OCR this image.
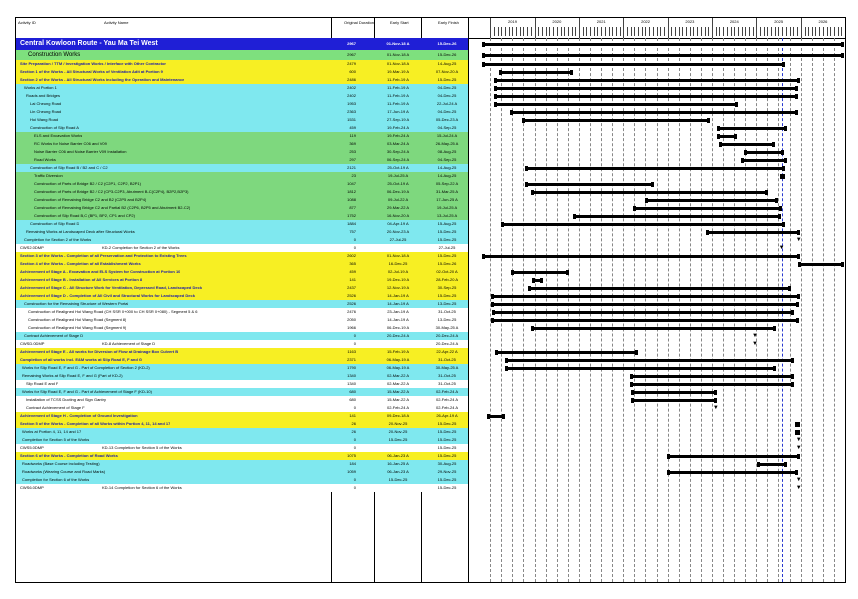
Activity ID	Activity Name	Original Duration	Early Start	Early Finish	2019	2020	2021	2022	2023	2024	2025	2026
Central Kowloon Route - Yau Ma Tei West	2967	01-Nov-18 A	15-Dec-26
Construction Works	2967	01-Nov-18 A	15-Dec-26
Site Preparation / TTM / Investigation Works / Interface with Other Contractor	2479	01-Nov-18 A	14-Aug-25
Section 1 of the Works - All Structural Works of Ventilation Adit at Portion 9	600	19-Mar-19 A	07-Nov-20 A
Section 2 of the Works - All Structural Works including the Operation and Maintenance	2486	11-Feb-19 A	15-Dec-25
Works at Portion 1	2402	11-Feb-19 A	04-Dec-25
Roads and Bridges	2402	11-Feb-19 A	04-Dec-25
Lai Cheung Road	1953	11-Feb-19 A	22-Jul-24 A
Lin Cheung Road	2363	17-Jun-19 A	04-Dec-25
Hoi Wang Road	1531	27-Sep-19 A	05-Dec-23 A
Construction of Slip Road A	459	19-Feb-24 A	04-Sep-25
ELS and Excavation Works	119	19-Feb-24 A	15-Jul-24 A
RC Works for Noise Barrier C06 and V09	369	03-Mar-24 A	26-May-25 A
Noise Barrier C06 and Noise Barrier V09 Installation	253	30-Sep-24 A	08-Aug-25
Road Works	297	06-Sep-24 A	04-Sep-25
Construction of Slip Road B / B2 and C / C2	2121	25-Oct-19 A	14-Aug-25
Traffic Diversion	23	19-Jul-25 A	14-Aug-25
Construction of Parts of Bridge B2 / C2 (C2P1, C2P2, B2P1)	1047	25-Oct-19 A	05-Sep-22 A
Construction of Parts of Bridge B2 / C2 (CP3-C2P3, Abutment B-C(C2P4), B2P2,B2P3)	1812	06-Dec-19 A	31-Mar-25 A
Construction of Remaining Bridge C2 and B2 (C2P5 and B2P4)	1088	09-Jul-22 A	17-Jun-25 A
Construction of Remaining Bridge C2 and Partial B2 (C2P6, B2P5 and Abutment B2-C2)	877	29-Mar-22 A	19-Jul-25 A
Construction of Slip Road B,C (BP1, BP2, CP1 and CP2)	1752	16-Nov-20 A	13-Jul-25 A
Construction of Slip Road D	1884	04-Apr-19 A	15-Aug-25
Remaining Works at Landscaped Deck after Structural Works	757	20-Nov-23 A	15-Dec-25
Completion for Section 2 of the Works	0	27-Jul-25	15-Dec-25
CWS2.0DMP	KD-2 Completion for Section 2 of the Works	0	27-Jul-25
Section 3 of the Works - Completion of all Preservation and Protection to Existing Trees	2602	01-Nov-18 A	15-Dec-25
Section 4 of the Works - Completion of all Establishment Works	365	16-Dec-25	15-Dec-26
Achievement of Stage A - Excavation and ELS System for Construction at Portion 10	459	02-Jul-19 A	02-Oct-20 A
Achievement of Stage B - Installation of All Services at Portion 8	141	19-Dec-19 A	28-Feb-20 A
Achievement of Stage C - All Structure Work for Ventilation, Depressed Road, Landscaped Deck	2437	12-Nov-19 A	30-Sep-25
Achievement of Stage D - Completion of All Civil and Structural Works for Landscaped Deck	2526	14-Jan-19 A	15-Dec-25
Construction for the Remaining Structure of Western Portal	2526	14-Jan-19 A	13-Dec-25
Construction of Realigned Hoi Wang Road (CH SSR 0+000 to CH SSR 0+080) - Segment 5 & 6	2476	23-Jan-19 A	31-Oct-25
Construction of Realigned Hoi Wang Road (Segment 8)	2050	14-Jan-19 A	13-Dec-25
Construction of Realigned Hoi Wang Road (Segment 9)	1966	06-Dec-19 A	30-May-25 A
Contract Achievement of Stage D	0	20-Dec-24 A	20-Dec-24 A
CWSD.0DMP	KD-8 Achievement of Stage D	0	20-Dec-24 A
Achievement of Stage E - All works for Diversion of Flow at Drainage Box Culvert B	1163	15-Feb-19 A	22-Apr-22 A
Completion of all works incl. E&M works at Slip Road E, F and G	2371	06-May-19 A	31-Oct-25
Works for Slip Road E, F and G - Part of Completion of Section 2 (KD-2)	1790	06-May-19 A	30-May-25 A
Remaining Works at Slip Road E, F and G (Part of KD-2)	1340	02-Mar-22 A	31-Oct-25
Slip Road E and F	1340	02-Mar-22 A	31-Oct-25
Works for Slip Road E, F and G - Part of Achievement of Stage F (KD-10)	680	15-Mar-22 A	02-Feb-24 A
Installation of TCSS Ducting and Sign Gantry	680	15-Mar-22 A	02-Feb-24 A
Contract Achievement of Stage F	0	02-Feb-24 A	02-Feb-24 A
Achievement of Stage H - Completion of Ground Investigation	141	09-Dec-18 A	26-Apr-19 A
Section 5 of the Works - Completion of all Works within Portion 4, 11, 14 and 17	26	20-Nov-25	15-Dec-25
Works at Portion 4, 11, 14 and 17	26	20-Nov-25	15-Dec-25
Completion for Section 5 of the Works	0	15-Dec-25	15-Dec-25
CWS5.0DMP	KD-13 Completion for Section 5 of the Works	0	15-Dec-25
Section 6 of the Works - Completion of Road Works	1075	06-Jan-23 A	15-Dec-25
Roadworks (Base Course including Testing)	184	16-Jan-25 A	30-Aug-25
Roadworks (Wearing Course and Road Marks)	1059	06-Jan-23 A	29-Nov-25
Completion for Section 6 of the Works	0	15-Dec-25	15-Dec-25
CWS6.0DMP	KD-14 Completion for Section 6 of the Works	0	15-Dec-25
▼
▼
▼
▼
▼
▼
▼
▼
▼
